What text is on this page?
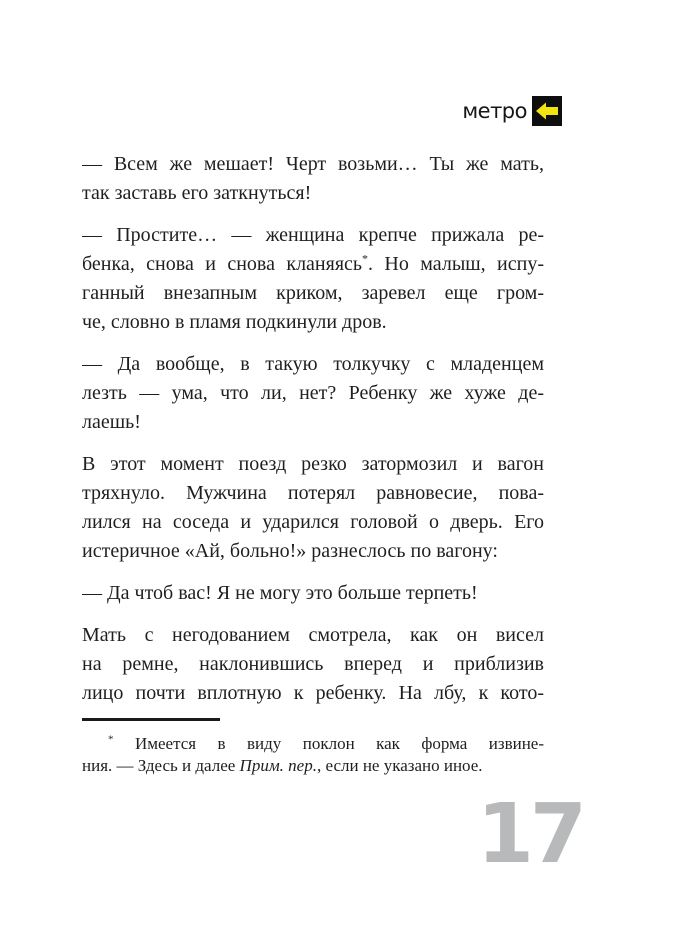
метро
— Всем же мешает! Черт возьми… Ты же мать,
так заставь его заткнуться!
— Простите… — женщина крепче прижала ре-
бенка, снова и снова кланяясь*. Но малыш, испу-
ганный внезапным криком, заревел еще гром-
че, словно в пламя подкинули дров.
— Да вообще, в такую толкучку с младенцем
лезть — ума, что ли, нет? Ребенку же хуже де-
лаешь!
В этот момент поезд резко затормозил и вагон
тряхнуло. Мужчина потерял равновесие, пова-
лился на соседа и ударился головой о дверь. Его
истеричное «Ай, больно!» разнеслось по вагону:
— Да чтоб вас! Я не могу это больше терпеть!
Мать с негодованием смотрела, как он висел
на ремне, наклонившись вперед и приблизив
лицо почти вплотную к ребенку. На лбу, к кото-
* Имеется в виду поклон как форма извине-
ния. — Здесь и далее Прим. пер., если не указано иное.
17
